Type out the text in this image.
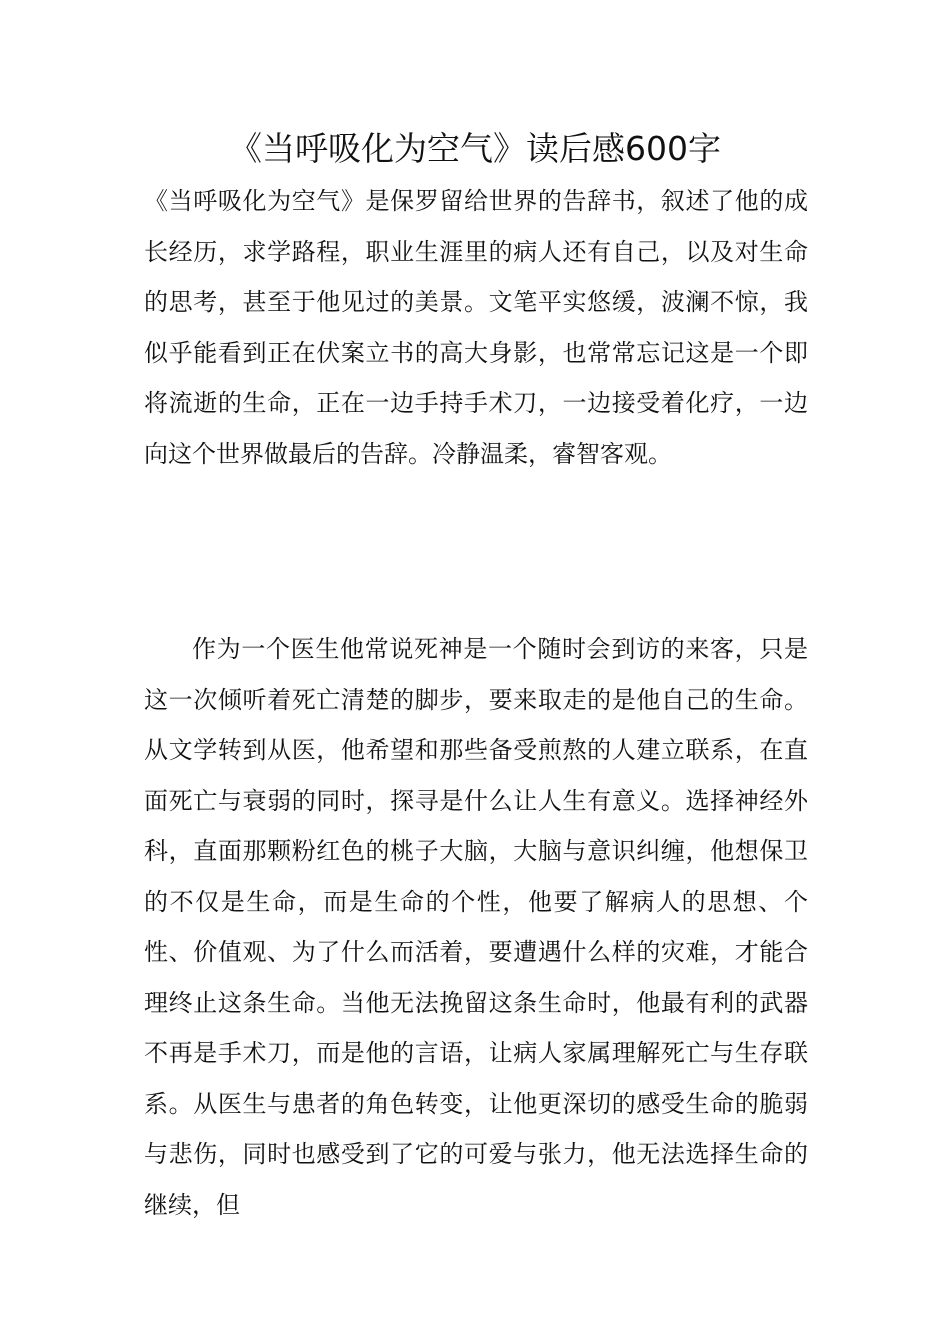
《当呼吸化为空气》读后感600字

《当呼吸化为空气》是保罗留给世界的告辞书，叙述了他的成长经历，求学路程，职业生涯里的病人还有自己，以及对生命的思考，甚至于他见过的美景。文笔平实悠缓，波澜不惊，我似乎能看到正在伏案立书的高大身影，也常常忘记这是一个即将流逝的生命，正在一边手持手术刀，一边接受着化疗，一边向这个世界做最后的告辞。冷静温柔，睿智客观。

作为一个医生他常说死神是一个随时会到访的来客，只是这一次倾听着死亡清楚的脚步，要来取走的是他自己的生命。从文学转到从医，他希望和那些备受煎熬的人建立联系，在直面死亡与衰弱的同时，探寻是什么让人生有意义。选择神经外科，直面那颗粉红色的桃子大脑，大脑与意识纠缠，他想保卫的不仅是生命，而是生命的个性，他要了解病人的思想、个性、价值观、为了什么而活着，要遭遇什么样的灾难，才能合理终止这条生命。当他无法挽留这条生命时，他最有利的武器不再是手术刀，而是他的言语，让病人家属理解死亡与生存联系。从医生与患者的角色转变，让他更深切的感受生命的脆弱与悲伤，同时也感受到了它的可爱与张力，他无法选择生命的继续，但
